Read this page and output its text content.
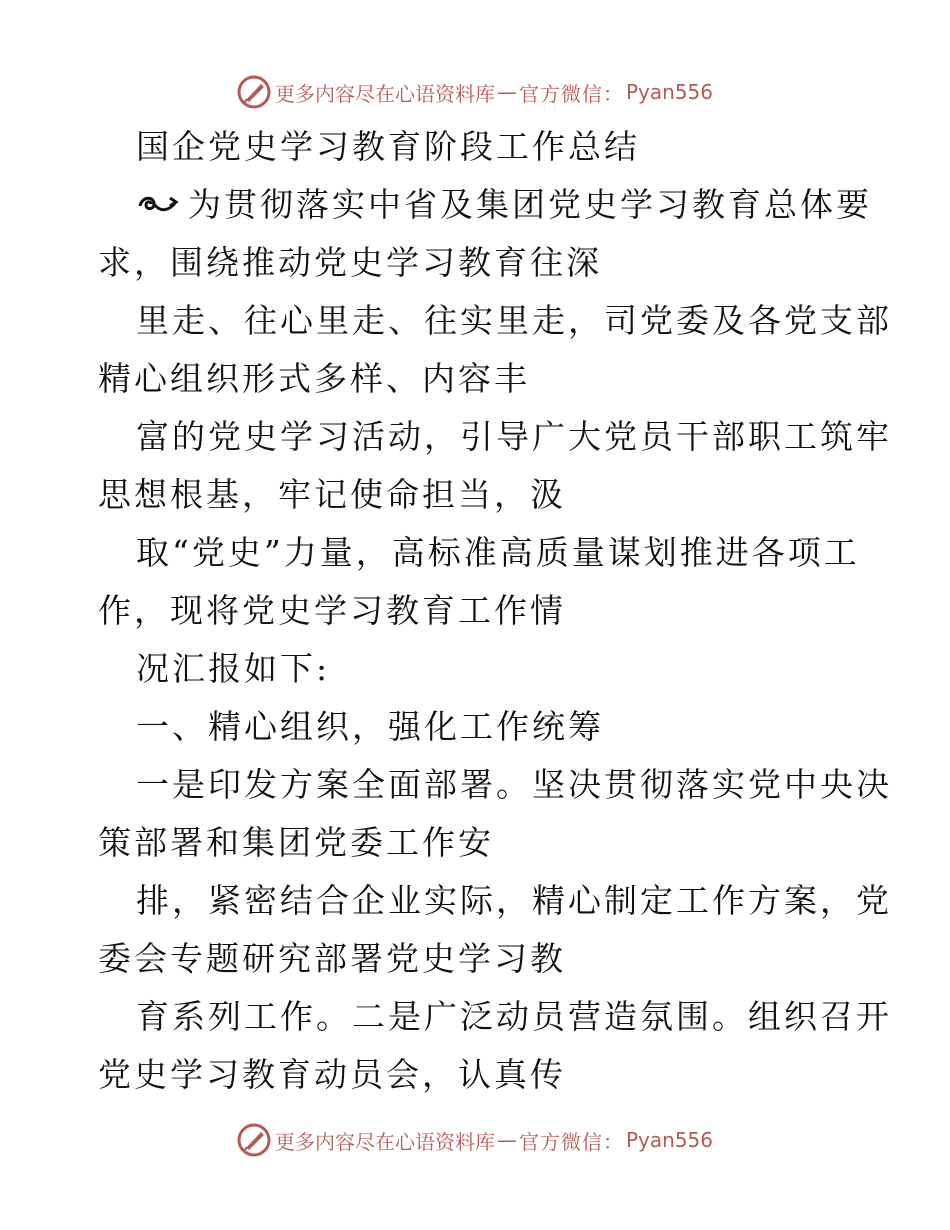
更多内容尽在心语资料库 — 官方微信： Pyan556

国企党史学习教育阶段工作总结

为贯彻落实中省及集团党史学习教育总体要

求，围绕推动党史学习教育往深

里走、往心里走、往实里走，司党委及各党支部

精心组织形式多样、内容丰

富的党史学习活动，引导广大党员干部职工筑牢

思想根基，牢记使命担当，汲

取“党史”力量，高标准高质量谋划推进各项工

作，现将党史学习教育工作情

况汇报如下:

一、精心组织，强化工作统筹

一是印发方案全面部署。坚决贯彻落实党中央决

策部署和集团党委工作安

排，紧密结合企业实际，精心制定工作方案，党

委会专题研究部署党史学习教

育系列工作。二是广泛动员营造氛围。组织召开

党史学习教育动员会，认真传

更多内容尽在心语资料库 — 官方微信： Pyan556
